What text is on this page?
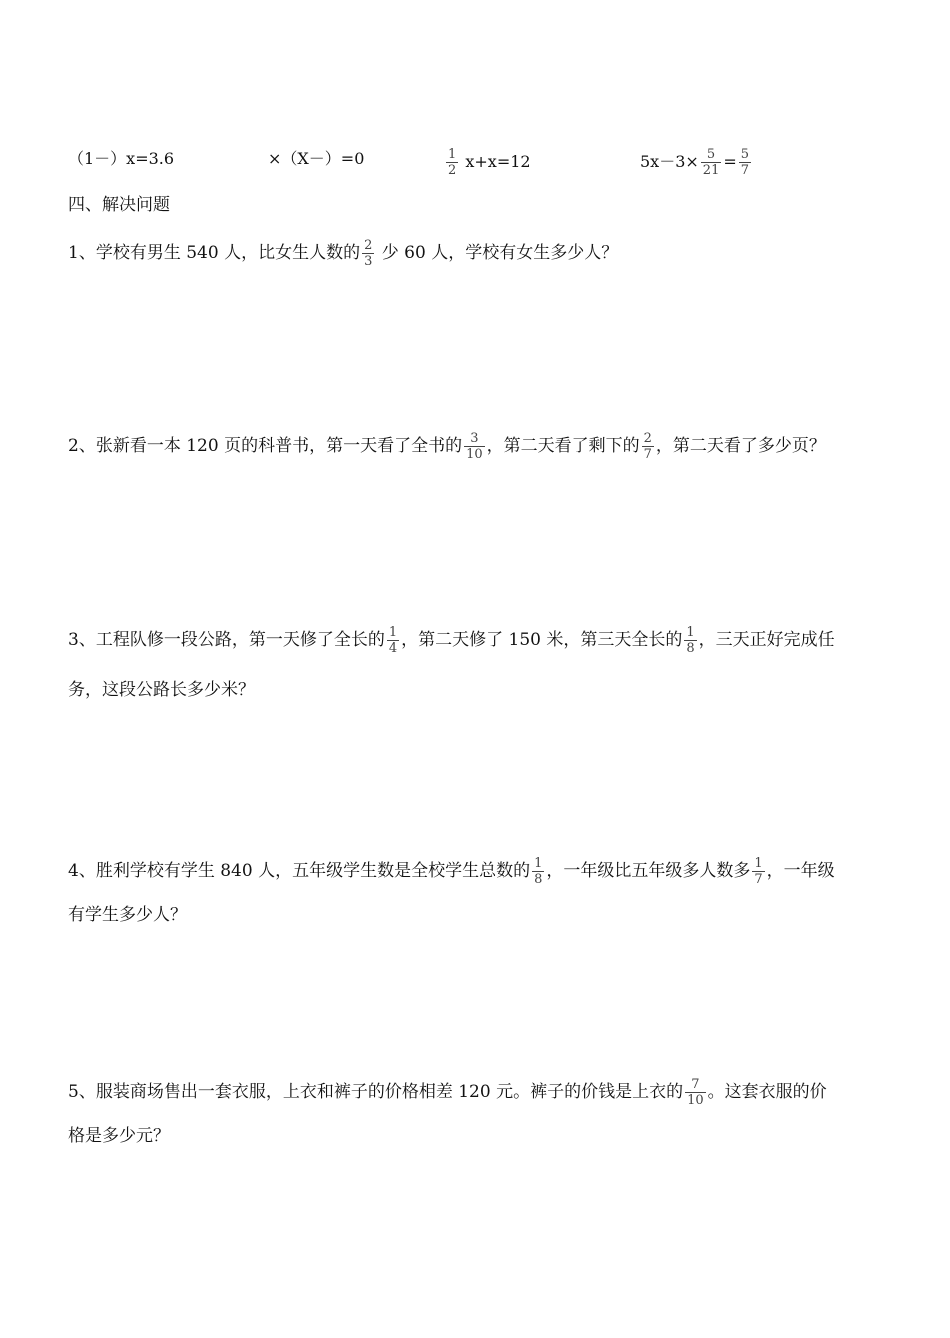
（1－）x=3.6	×（X－）=0	$\frac{1}{2} x+x=12$	$5x-3\times \frac{5}{21} = \frac{5}{7}$
四、解决问题
1、学校有男生 540 人，比女生人数的 $\frac{2}{3}$ 少 60 人，学校有女生多少人？
2、张新看一本 120 页的科普书，第一天看了全书的 $\frac{3}{10}$ ，第二天看了剩下的 $\frac{2}{7}$ ，第二天看了多少页？
3、工程队修一段公路，第一天修了全长的 $\frac{1}{4}$ ，第二天修了 150 米，第三天全长的 $\frac{1}{8}$ ，三天正好完成任
务，这段公路长多少米？
4、胜利学校有学生 840 人，五年级学生数是全校学生总数的 $\frac{1}{8}$ ，一年级比五年级多人数多 $\frac{1}{7}$ ，一年级
有学生多少人？
5、服装商场售出一套衣服，上衣和裤子的价格相差 120 元。裤子的价钱是上衣的 $\frac{7}{10}$ 。这套衣服的价
格是多少元？
